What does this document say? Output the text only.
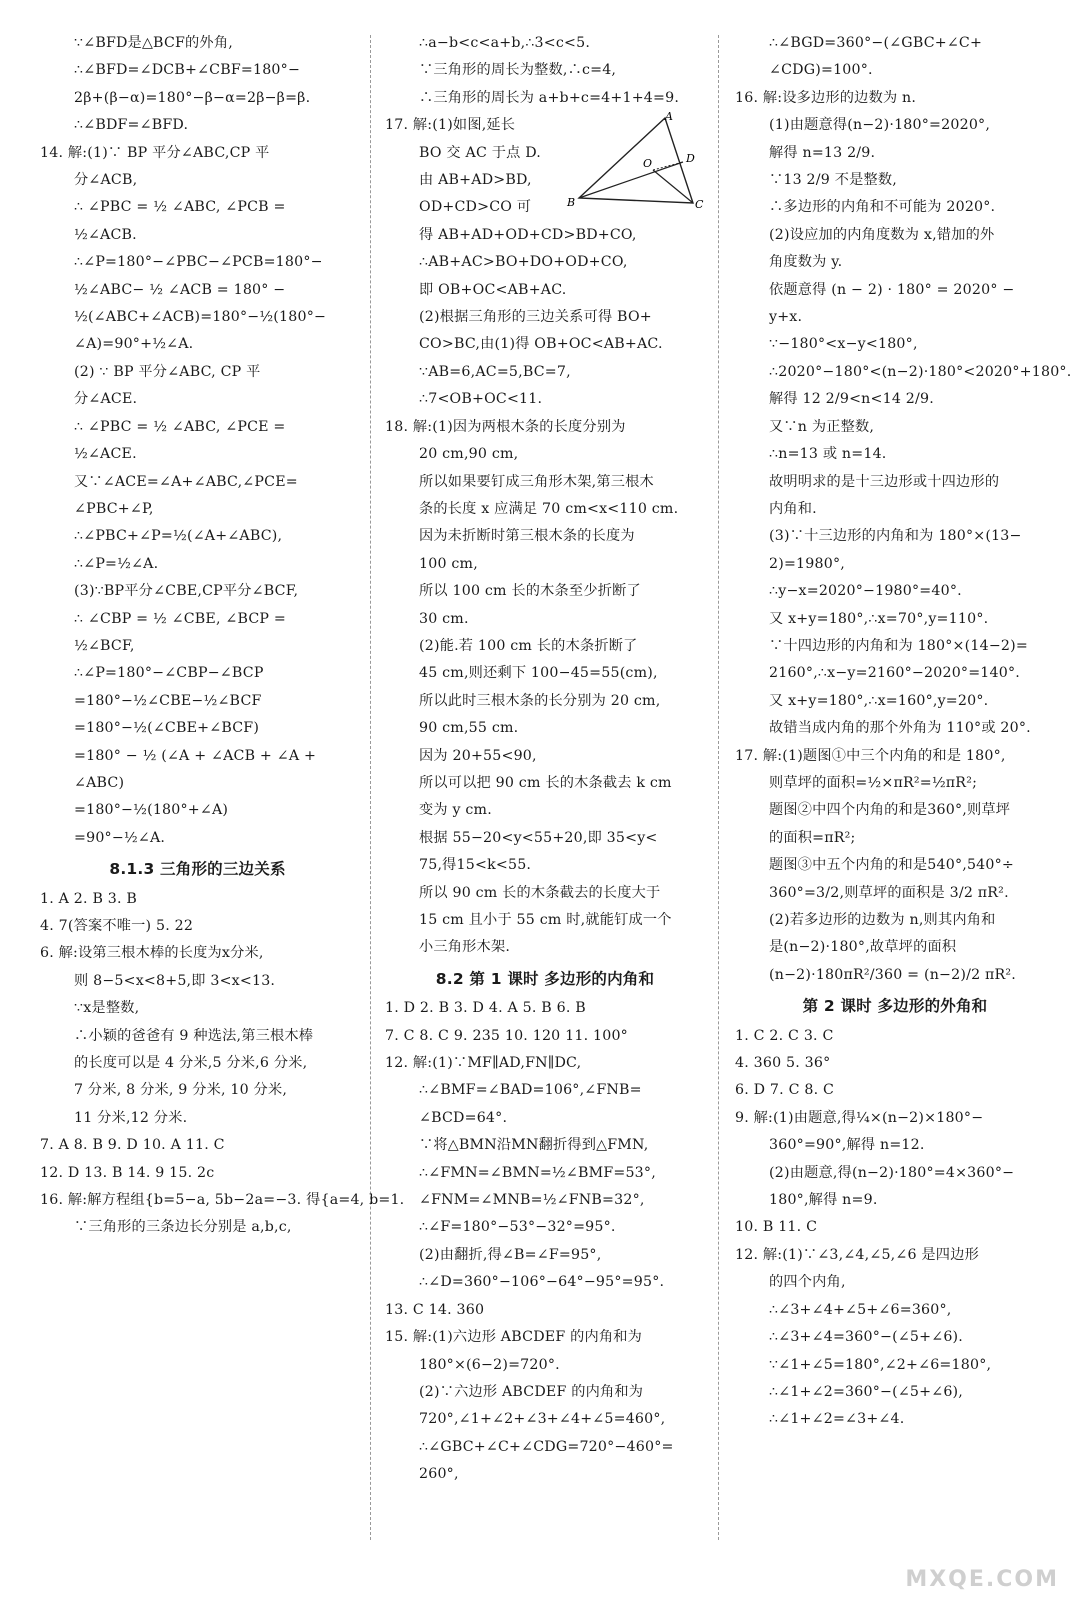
∵∠BFD是△BCF的外角,
∴∠BFD=∠DCB+∠CBF=180°−
2β+(β−α)=180°−β−α=2β−β=β.
∴∠BDF=∠BFD.
14. 解:(1)∵ BP 平分∠ABC,CP 平
分∠ACB,
∴ ∠PBC = ½ ∠ABC, ∠PCB =
½∠ACB.
∴∠P=180°−∠PBC−∠PCB=180°−
½∠ABC− ½ ∠ACB = 180° −
½(∠ABC+∠ACB)=180°−½(180°−
∠A)=90°+½∠A.
(2) ∵ BP 平分∠ABC, CP 平
分∠ACE.
∴ ∠PBC = ½ ∠ABC, ∠PCE =
½∠ACE.
又∵∠ACE=∠A+∠ABC,∠PCE=
∠PBC+∠P,
∴∠PBC+∠P=½(∠A+∠ABC),
∴∠P=½∠A.
(3)∵BP平分∠CBE,CP平分∠BCF,
∴ ∠CBP = ½ ∠CBE, ∠BCP =
½∠BCF,
∴∠P=180°−∠CBP−∠BCP
=180°−½∠CBE−½∠BCF
=180°−½(∠CBE+∠BCF)
=180° − ½ (∠A + ∠ACB + ∠A +
∠ABC)
=180°−½(180°+∠A)
=90°−½∠A.
8.1.3 三角形的三边关系
1. A 2. B 3. B
4. 7(答案不唯一) 5. 22
6. 解:设第三根木棒的长度为x分米,
则 8−5<x<8+5,即 3<x<13.
∵x是整数,
∴小颖的爸爸有 9 种选法,第三根木棒
的长度可以是 4 分米,5 分米,6 分米,
7 分米, 8 分米, 9 分米, 10 分米,
11 分米,12 分米.
7. A 8. B 9. D 10. A 11. C
12. D 13. B 14. 9 15. 2c
16. 解:解方程组{b=5−a, 5b−2a=−3. 得{a=4, b=1.
∵三角形的三条边长分别是 a,b,c,
∴a−b<c<a+b,∴3<c<5.
∵三角形的周长为整数,∴c=4,
∴三角形的周长为 a+b+c=4+1+4=9.
17. 解:(1)如图,延长
BO 交 AC 于点 D.
由 AB+AD>BD,
OD+CD>CO 可
得 AB+AD+OD+CD>BD+CO,
∴AB+AC>BO+DO+OD+CO,
即 OB+OC<AB+AC.
(2)根据三角形的三边关系可得 BO+
CO>BC,由(1)得 OB+OC<AB+AC.
∵AB=6,AC=5,BC=7,
∴7<OB+OC<11.
18. 解:(1)因为两根木条的长度分别为
20 cm,90 cm,
所以如果要钉成三角形木架,第三根木
条的长度 x 应满足 70 cm<x<110 cm.
因为未折断时第三根木条的长度为
100 cm,
所以 100 cm 长的木条至少折断了
30 cm.
(2)能.若 100 cm 长的木条折断了
45 cm,则还剩下 100−45=55(cm),
所以此时三根木条的长分别为 20 cm,
90 cm,55 cm.
因为 20+55<90,
所以可以把 90 cm 长的木条截去 k cm
变为 y cm.
根据 55−20<y<55+20,即 35<y<
75,得15<k<55.
所以 90 cm 长的木条截去的长度大于
15 cm 且小于 55 cm 时,就能钉成一个
小三角形木架.
8.2 第 1 课时 多边形的内角和
1. D 2. B 3. D 4. A 5. B 6. B
7. C 8. C 9. 235 10. 120 11. 100°
12. 解:(1)∵MF∥AD,FN∥DC,
∴∠BMF=∠BAD=106°,∠FNB=
∠BCD=64°.
∵将△BMN沿MN翻折得到△FMN,
∴∠FMN=∠BMN=½∠BMF=53°,
∠FNM=∠MNB=½∠FNB=32°,
∴∠F=180°−53°−32°=95°.
(2)由翻折,得∠B=∠F=95°,
∴∠D=360°−106°−64°−95°=95°.
13. C 14. 360
15. 解:(1)六边形 ABCDEF 的内角和为
180°×(6−2)=720°.
(2)∵六边形 ABCDEF 的内角和为
720°,∠1+∠2+∠3+∠4+∠5=460°,
∴∠GBC+∠C+∠CDG=720°−460°=
260°,
∴∠BGD=360°−(∠GBC+∠C+
∠CDG)=100°.
16. 解:设多边形的边数为 n.
(1)由题意得(n−2)·180°=2020°,
解得 n=13 2/9.
∵13 2/9 不是整数,
∴多边形的内角和不可能为 2020°.
(2)设应加的内角度数为 x,错加的外
角度数为 y.
依题意得 (n − 2) · 180° = 2020° −
y+x.
∵−180°<x−y<180°,
∴2020°−180°<(n−2)·180°<2020°+180°.
解得 12 2/9<n<14 2/9.
又∵n 为正整数,
∴n=13 或 n=14.
故明明求的是十三边形或十四边形的
内角和.
(3)∵十三边形的内角和为 180°×(13−
2)=1980°,
∴y−x=2020°−1980°=40°.
又 x+y=180°,∴x=70°,y=110°.
∵十四边形的内角和为 180°×(14−2)=
2160°,∴x−y=2160°−2020°=140°.
又 x+y=180°,∴x=160°,y=20°.
故错当成内角的那个外角为 110°或 20°.
17. 解:(1)题图①中三个内角的和是 180°,
则草坪的面积=½×πR²=½πR²;
题图②中四个内角的和是360°,则草坪
的面积=πR²;
题图③中五个内角的和是540°,540°÷
360°=3/2,则草坪的面积是 3/2 πR².
(2)若多边形的边数为 n,则其内角和
是(n−2)·180°,故草坪的面积
(n−2)·180πR²/360 = (n−2)/2 πR².
第 2 课时 多边形的外角和
1. C 2. C 3. C
4. 360 5. 36°
6. D 7. C 8. C
9. 解:(1)由题意,得¼×(n−2)×180°−
360°=90°,解得 n=12.
(2)由题意,得(n−2)·180°=4×360°−
180°,解得 n=9.
10. B 11. C
12. 解:(1)∵∠3,∠4,∠5,∠6 是四边形
的四个内角,
∴∠3+∠4+∠5+∠6=360°,
∴∠3+∠4=360°−(∠5+∠6).
∵∠1+∠5=180°,∠2+∠6=180°,
∴∠1+∠2=360°−(∠5+∠6),
∴∠1+∠2=∠3+∠4.
A
B	C
D
O
MXQE.COM
